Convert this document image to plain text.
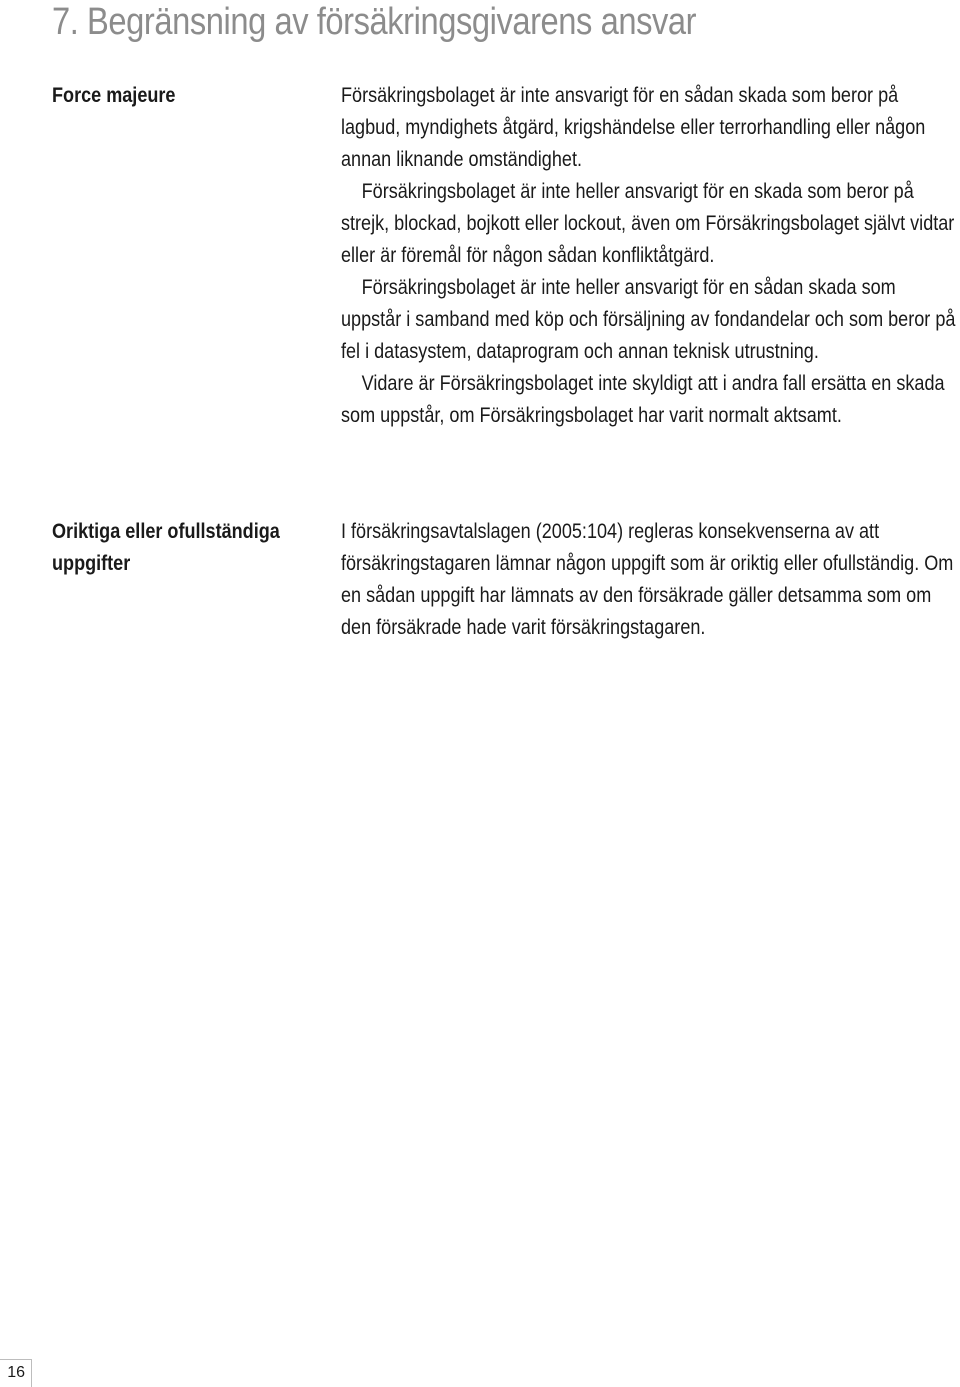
7. Begränsning av försäkringsgivarens ansvar
Force majeure	Försäkringsbolaget är inte ansvarigt för en sådan skada som beror på lagbud, myndighets åtgärd, krigshändelse eller terrorhandling eller någon annan liknande omständighet.

Försäkringsbolaget är inte heller ansvarigt för en skada som beror på strejk, blockad, bojkott eller lockout, även om Försäkringsbolaget självt vidtar eller är föremål för någon sådan konfliktåtgärd.

Försäkringsbolaget är inte heller ansvarigt för en sådan skada som uppstår i samband med köp och försäljning av fondandelar och som beror på fel i datasystem, dataprogram och annan teknisk utrustning.

Vidare är Försäkringsbolaget inte skyldigt att i andra fall ersätta en skada som uppstår, om Försäkringsbolaget har varit normalt aktsamt.

Oriktiga eller ofullständiga uppgifter

I försäkringsavtalslagen (2005:104) regleras konsekvenserna av att försäkringstagaren lämnar någon uppgift som är oriktig eller ofullständig. Om en sådan uppgift har lämnats av den försäkrade gäller detsamma som om den försäkrade hade varit försäkringstagaren.

16
